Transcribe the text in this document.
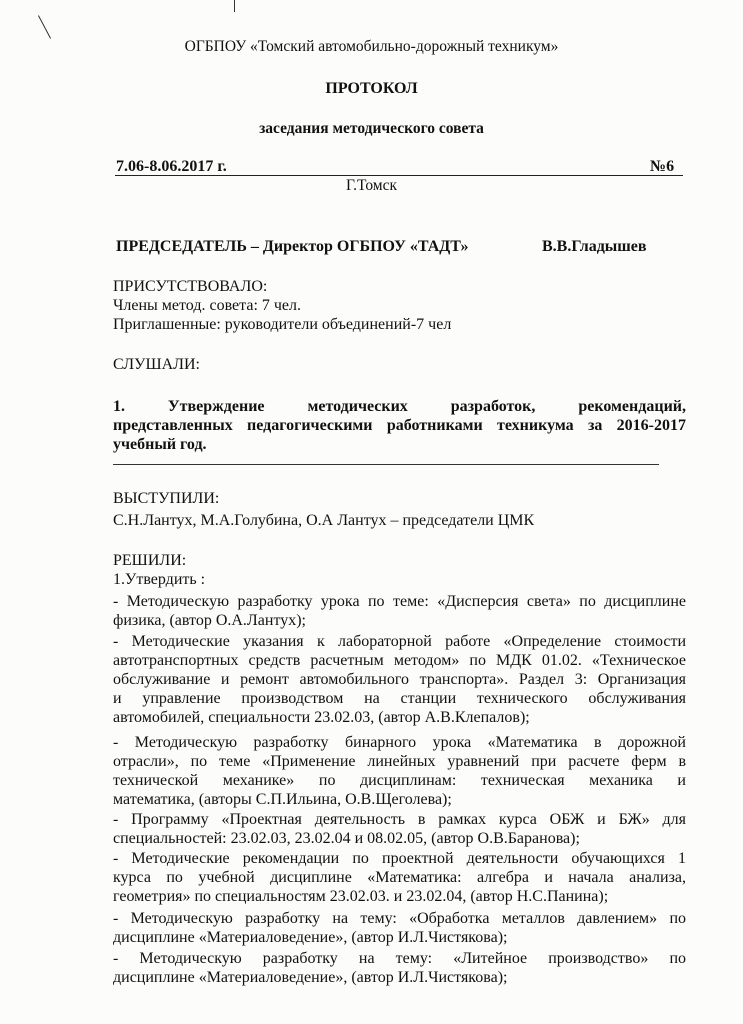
ОГБПОУ «Томский автомобильно-дорожный техникум»
ПРОТОКОЛ
заседания методического совета
7.06-8.06.2017 г.	№6
Г.Томск
ПРЕДСЕДАТЕЛЬ – Директор ОГБПОУ «ТАДТ»	В.В.Гладышев
ПРИСУТСТВОВАЛО:
Члены метод. совета: 7 чел.
Приглашенные: руководители объединений-7 чел
СЛУШАЛИ:
1. Утверждение методических разработок, рекомендаций,
представленных педагогическими работниками техникума за 2016-2017
учебный год.
ВЫСТУПИЛИ:
С.Н.Лантух, М.А.Голубина, О.А Лантух – председатели ЦМК
РЕШИЛИ:
1.Утвердить :
- Методическую разработку урока по теме: «Дисперсия света» по дисциплине
физика, (автор О.А.Лантух);
- Методические указания к лабораторной работе «Определение стоимости
автотранспортных средств расчетным методом» по МДК 01.02. «Техническое
обслуживание и ремонт автомобильного транспорта». Раздел 3: Организация
и управление производством на станции технического обслуживания
автомобилей, специальности 23.02.03, (автор А.В.Клепалов);
- Методическую разработку бинарного урока «Математика в дорожной
отрасли», по теме «Применение линейных уравнений при расчете ферм в
технической механике» по дисциплинам: техническая механика и
математика, (авторы С.П.Ильина, О.В.Щеголева);
- Программу «Проектная деятельность в рамках курса ОБЖ и БЖ» для
специальностей: 23.02.03, 23.02.04 и 08.02.05, (автор О.В.Баранова);
- Методические рекомендации по проектной деятельности обучающихся 1
курса по учебной дисциплине «Математика: алгебра и начала анализа,
геометрия» по специальностям 23.02.03. и 23.02.04, (автор Н.С.Панина);
- Методическую разработку на тему: «Обработка металлов давлением» по
дисциплине «Материаловедение», (автор И.Л.Чистякова);
- Методическую разработку на тему: «Литейное производство» по
дисциплине «Материаловедение», (автор И.Л.Чистякова);
